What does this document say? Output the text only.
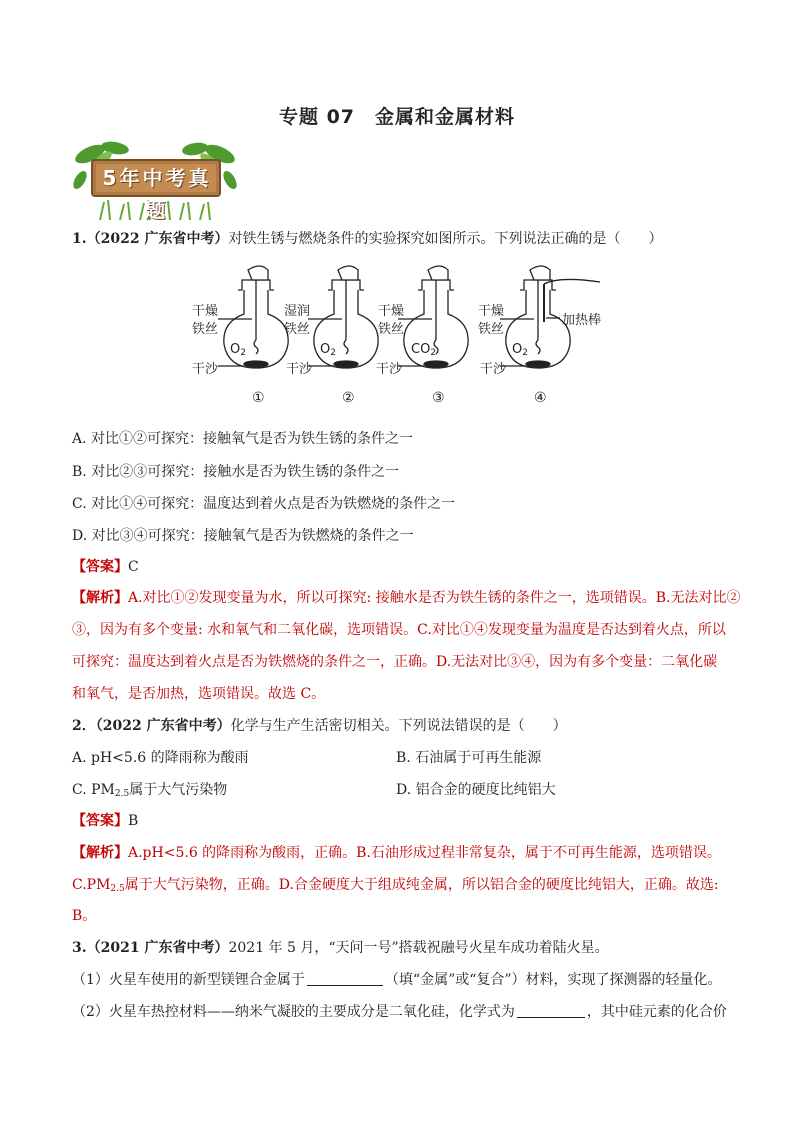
专题 07　金属和金属材料
5年中考真题
1.（2022 广东省中考）对铁生锈与燃烧条件的实验探究如图所示。下列说法正确的是（　　）
干燥
铁丝
干沙
$O_2$
湿润
铁丝
干沙
$O_2$
干燥
铁丝
干沙
$CO_2$
干燥
铁丝
加热棒
干沙
$O_2$
①	②	③	④
A. 对比①②可探究：接触氧气是否为铁生锈的条件之一
B. 对比②③可探究：接触水是否为铁生锈的条件之一
C. 对比①④可探究：温度达到着火点是否为铁燃烧的条件之一
D. 对比③④可探究：接触氧气是否为铁燃烧的条件之一
【答案】C
【解析】A.对比①②发现变量为水，所以可探究: 接触水是否为铁生锈的条件之一，选项错误。B.无法对比②
③，因为有多个变量: 水和氧气和二氧化碳，选项错误。C.对比①④发现变量为温度是否达到着火点，所以
可探究：温度达到着火点是否为铁燃烧的条件之一，正确。D.无法对比③④，因为有多个变量：二氧化碳
和氧气，是否加热，选项错误。故选 C。
2．（2022 广东省中考）化学与生产生活密切相关。下列说法错误的是（　　）
A. pH<5.6 的降雨称为酸雨	B. 石油属于可再生能源
C. $PM_{2.5}$属于大气污染物	D. 铝合金的硬度比纯铝大
【答案】B
【解析】A.pH<5.6 的降雨称为酸雨，正确。B.石油形成过程非常复杂，属于不可再生能源，选项错误。
$C.PM_{2.5}$属于大气污染物，正确。D.合金硬度大于组成纯金属，所以铝合金的硬度比纯铝大，正确。故选:
B。
3.（2021 广东省中考）2021 年 5 月，“天问一号”搭载祝融号火星车成功着陆火星。
（1）火星车使用的新型镁锂合金属于	（填“金属”或“复合”）材料，实现了探测器的轻量化。
（2）火星车热控材料——纳米气凝胶的主要成分是二氧化硅，化学式为	，其中硅元素的化合价
